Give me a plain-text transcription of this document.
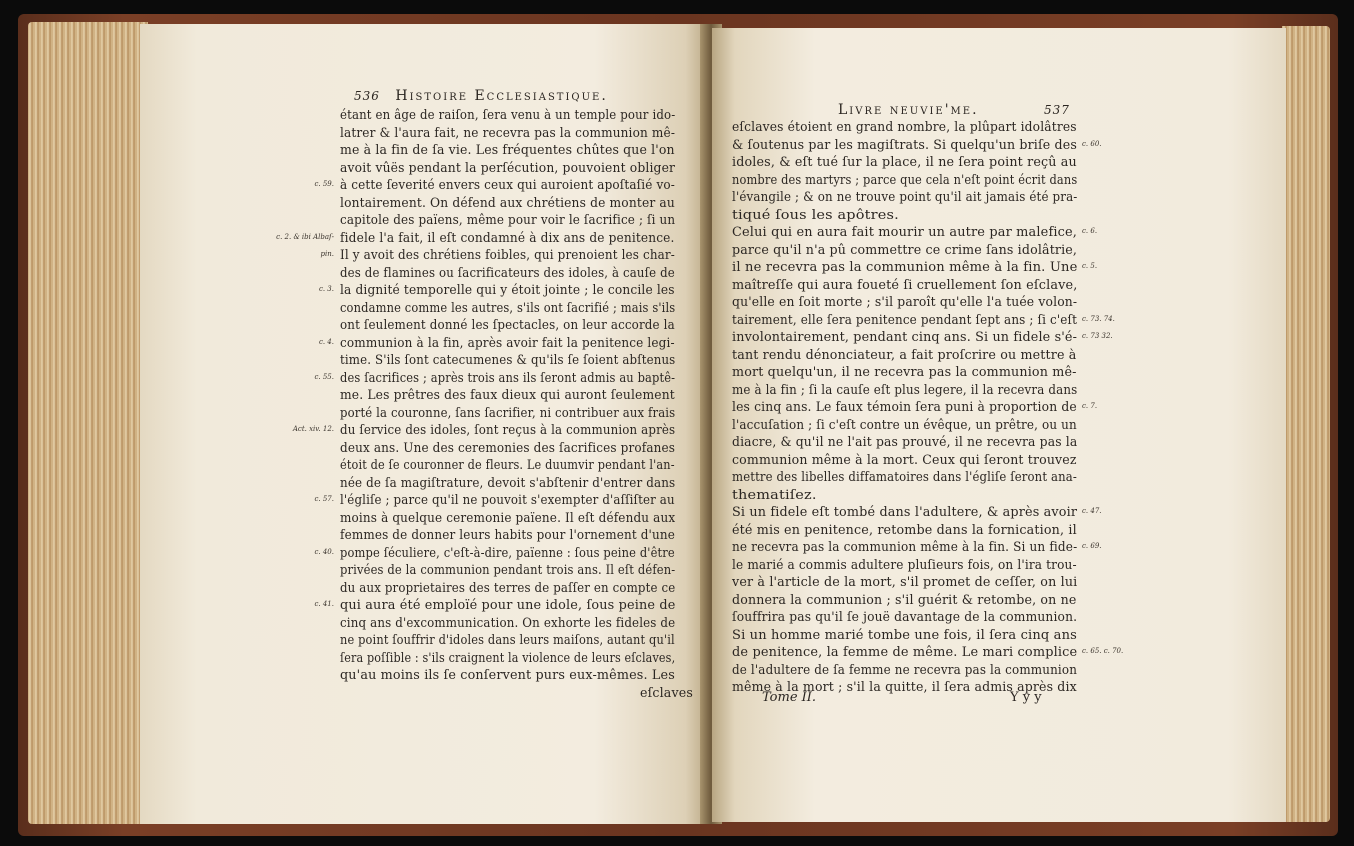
536 Histoire Ecclesiastique.
étant en âge de raiſon, ſera venu à un temple pour ido-
latrer & l'aura fait, ne recevra pas la communion mê-
me à la fin de ſa vie. Les fréquentes chûtes que l'on
avoit vûës pendant la perſécution, pouvoient obliger
à cette ſeverité envers ceux qui auroient apoſtaſié vo-
lontairement. On défend aux chrétiens de monter au
capitole des païens, même pour voir le ſacrifice ; ſi un
fidele l'a fait, il eſt condamné à dix ans de penitence.
Il y avoit des chrétiens foibles, qui prenoient les char-
des de flamines ou ſacrificateurs des idoles, à cauſe de
la dignité temporelle qui y étoit jointe ; le concile les
condamne comme les autres, s'ils ont ſacrifié ; mais s'ils
ont ſeulement donné les ſpectacles, on leur accorde la
communion à la fin, après avoir fait la penitence legi-
time. S'ils ſont catecumenes & qu'ils ſe ſoient abſtenus
des ſacrifices ; après trois ans ils ſeront admis au baptê-
me. Les prêtres des faux dieux qui auront ſeulement
porté la couronne, ſans ſacrifier, ni contribuer aux frais
du ſervice des idoles, ſont reçus à la communion après
deux ans. Une des ceremonies des ſacrifices profanes
étoit de ſe couronner de fleurs. Le duumvir pendant l'an-
née de ſa magiſtrature, devoit s'abſtenir d'entrer dans
l'égliſe ; parce qu'il ne pouvoit s'exempter d'aſſiſter au
moins à quelque ceremonie païene. Il eſt défendu aux
femmes de donner leurs habits pour l'ornement d'une
pompe ſéculiere, c'eſt-à-dire, païenne : ſous peine d'être
privées de la communion pendant trois ans. Il eſt défen-
du aux proprietaires des terres de paſſer en compte ce
qui aura été emploïé pour une idole, ſous peine de
cinq ans d'excommunication. On exhorte les fideles de
ne point ſouffrir d'idoles dans leurs maiſons, autant qu'il
ſera poſſible : s'ils craignent la violence de leurs eſclaves,
qu'au moins ils ſe conſervent purs eux-mêmes. Les
eſclaves
c. 59.
c. 2. & ibi Albaſ-
pin.
c. 3.
c. 4.
c. 55.
Act. xiv. 12.
c. 57.
c. 40.
c. 41.
Livre neuvie'me.	537
eſclaves étoient en grand nombre, la plûpart idolâtres
& ſoutenus par les magiſtrats. Si quelqu'un briſe des
idoles, & eſt tué ſur la place, il ne ſera point reçû au
nombre des martyrs ; parce que cela n'eſt point écrit dans
l'évangile ; & on ne trouve point qu'il ait jamais été pra-
tiqué ſous les apôtres.
Celui qui en aura fait mourir un autre par malefice,
parce qu'il n'a pû commettre ce crime ſans idolâtrie,
il ne recevra pas la communion même à la fin. Une
maîtreſſe qui aura foueté ſi cruellement ſon eſclave,
qu'elle en ſoit morte ; s'il paroît qu'elle l'a tuée volon-
tairement, elle ſera penitence pendant ſept ans ; ſi c'eſt
involontairement, pendant cinq ans. Si un fidele s'é-
tant rendu dénonciateur, a fait proſcrire ou mettre à
mort quelqu'un, il ne recevra pas la communion mê-
me à la fin ; ſi la cauſe eſt plus legere, il la recevra dans
les cinq ans. Le faux témoin ſera puni à proportion de
l'accuſation ; ſi c'eſt contre un évêque, un prêtre, ou un
diacre, & qu'il ne l'ait pas prouvé, il ne recevra pas la
communion même à la mort. Ceux qui ſeront trouvez
mettre des libelles diffamatoires dans l'égliſe ſeront ana-
thematiſez.
Si un fidele eſt tombé dans l'adultere, & après avoir
été mis en penitence, retombe dans la fornication, il
ne recevra pas la communion même à la fin. Si un fide-
le marié a commis adultere pluſieurs fois, on l'ira trou-
ver à l'article de la mort, s'il promet de ceſſer, on lui
donnera la communion ; s'il guérit & retombe, on ne
ſouffrira pas qu'il ſe jouë davantage de la communion.
Si un homme marié tombe une fois, il ſera cinq ans
de penitence, la femme de même. Le mari complice
de l'adultere de ſa femme ne recevra pas la communion
même à la mort ; s'il la quitte, il ſera admis après dix
c. 60.
c. 6.
c. 5.
c. 73. 74.
c. 73 32.
c. 7.
c. 47.
c. 69.
c. 65. c. 70.
Tome II.	Y y y
